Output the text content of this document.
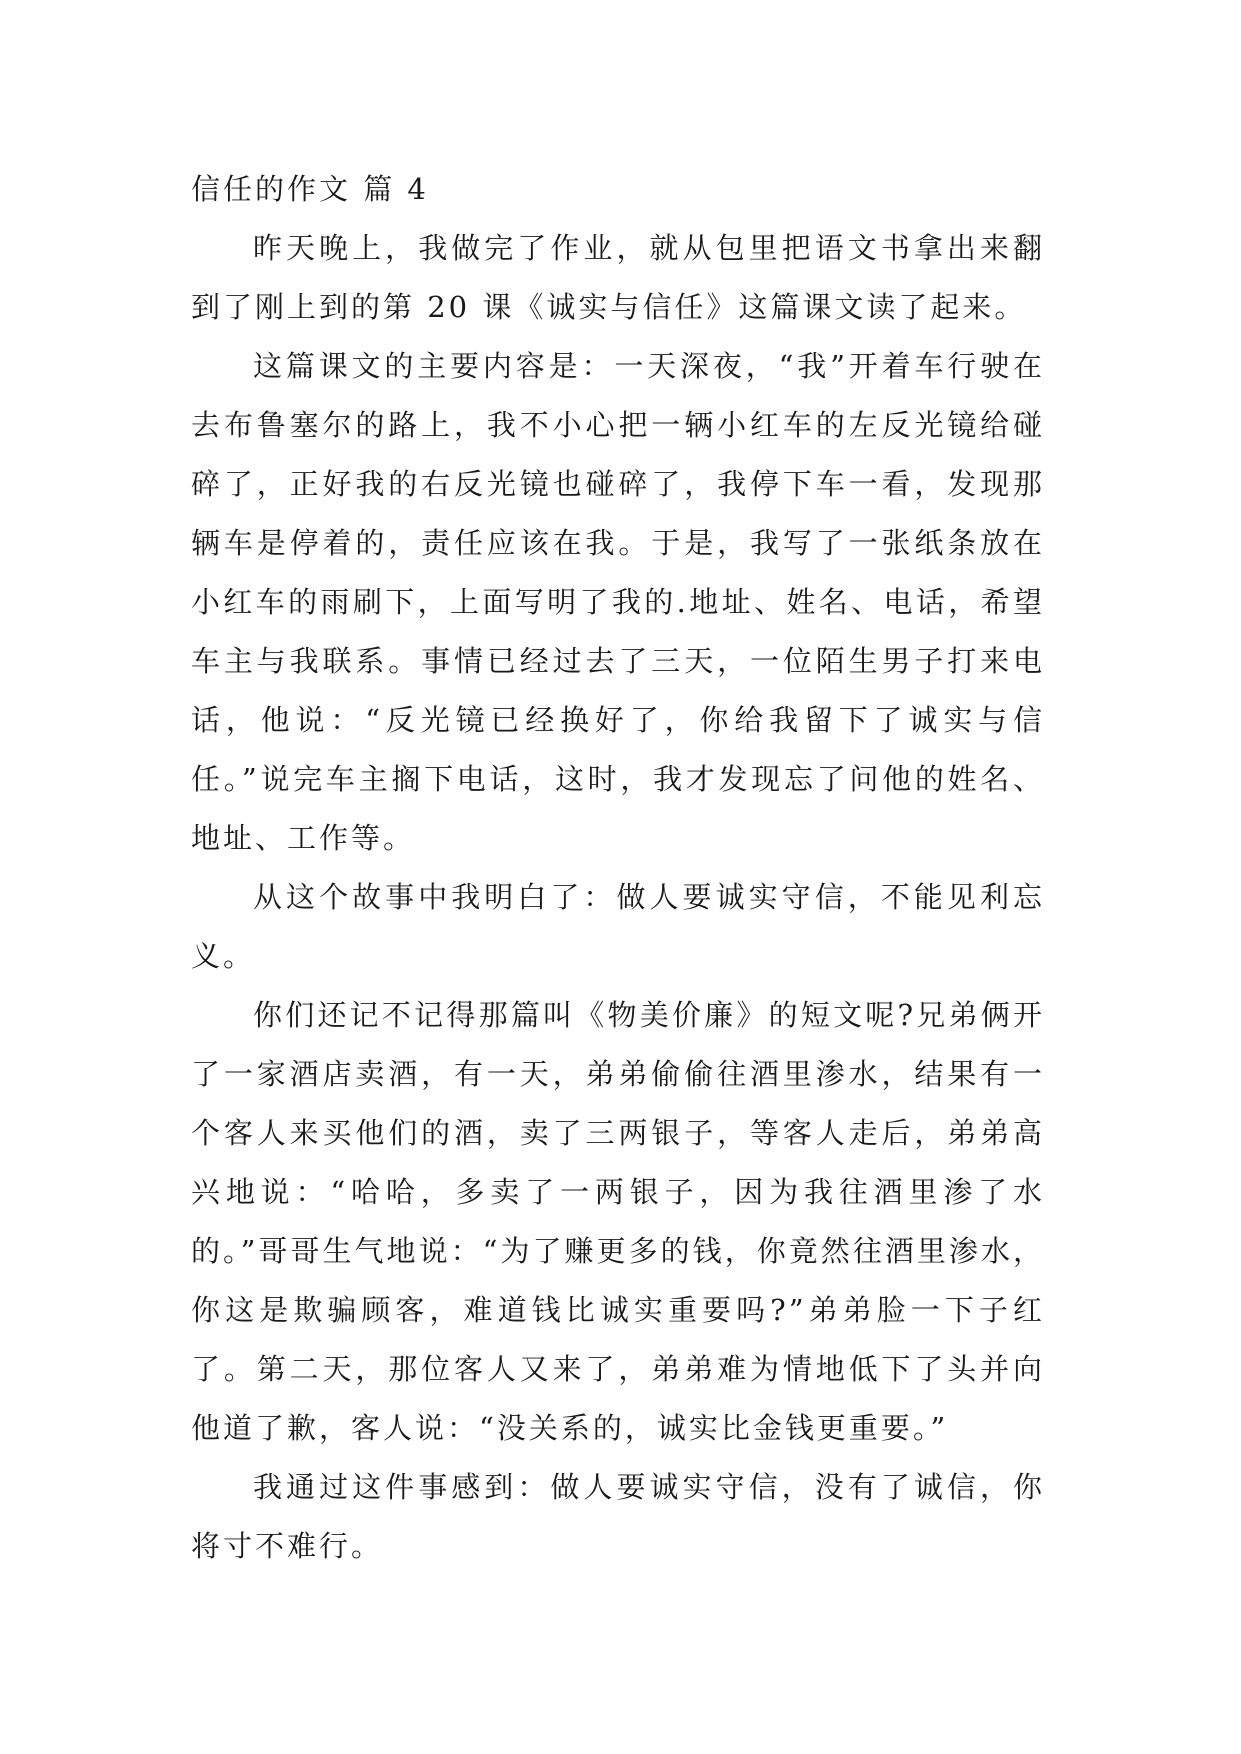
信任的作文 篇 4

昨天晚上，我做完了作业，就从包里把语文书拿出来翻到了刚上到的第 20 课《诚实与信任》这篇课文读了起来。

这篇课文的主要内容是：一天深夜，“我”开着车行驶在去布鲁塞尔的路上，我不小心把一辆小红车的左反光镜给碰碎了，正好我的右反光镜也碰碎了，我停下车一看，发现那辆车是停着的，责任应该在我。于是，我写了一张纸条放在小红车的雨刷下，上面写明了我的.地址、姓名、电话，希望车主与我联系。事情已经过去了三天，一位陌生男子打来电话，他说：“反光镜已经换好了，你给我留下了诚实与信任。”说完车主搁下电话，这时，我才发现忘了问他的姓名、地址、工作等。

从这个故事中我明白了：做人要诚实守信，不能见利忘义。

你们还记不记得那篇叫《物美价廉》的短文呢?兄弟俩开了一家酒店卖酒，有一天，弟弟偷偷往酒里渗水，结果有一个客人来买他们的酒，卖了三两银子，等客人走后，弟弟高兴地说：“哈哈，多卖了一两银子，因为我往酒里渗了水的。”哥哥生气地说：“为了赚更多的钱，你竟然往酒里渗水，你这是欺骗顾客，难道钱比诚实重要吗?”弟弟脸一下子红了。第二天，那位客人又来了，弟弟难为情地低下了头并向他道了歉，客人说：“没关系的，诚实比金钱更重要。”

我通过这件事感到：做人要诚实守信，没有了诚信，你将寸不难行。
